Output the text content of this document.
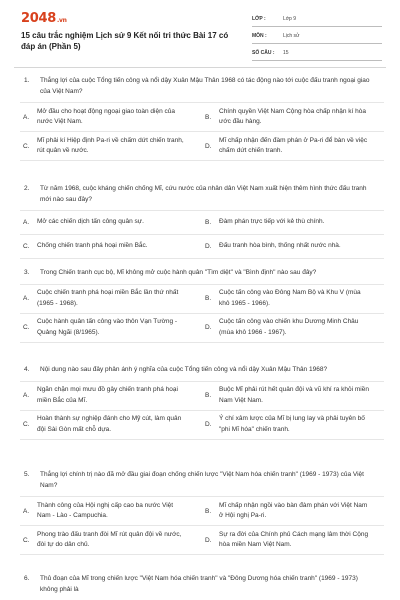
2048.vn
15 câu trắc nghiệm Lịch sử 9 Kết nối tri thức Bài 17 có đáp án (Phần 5)
LỚP :	Lớp 9
MÔN :	Lịch sử
SỐ CÂU :	15
1.	Thắng lợi của cuộc Tổng tiến công và nổi dậy Xuân Mậu Thân 1968 có tác động nào tới cuộc đấu tranh ngoại giao của Việt Nam?
A.
Mở đầu cho hoạt động ngoại giao toàn diện của nước Việt Nam.
B.
Chính quyền Việt Nam Cộng hòa chấp nhận kí hòa ước đầu hàng.
C.
Mĩ phải kí Hiệp định Pa-ri về chấm dứt chiến tranh, rút quân về nước.
D.
Mĩ chấp nhận đến đàm phán ở Pa-ri để bàn về việc chấm dứt chiến tranh.
2.	Từ năm 1968, cuộc kháng chiến chống Mĩ, cứu nước của nhân dân Việt Nam xuất hiện thêm hình thức đấu tranh mới nào sau đây?
A.	Mở các chiến dịch tấn công quân sự.	B.	Đàm phán trực tiếp với kẻ thù chính.
C.	Chống chiến tranh phá hoại miền Bắc.	D.	Đấu tranh hòa bình, thống nhất nước nhà.
3.	Trong Chiến tranh cục bộ, Mĩ không mở cuộc hành quân "Tìm diệt" và "Bình định" nào sau đây?
A.
Cuộc chiến tranh phá hoại miền Bắc lần thứ nhất (1965 - 1968).
B.
Cuộc tấn công vào Đông Nam Bộ và Khu V (mùa khô 1965 - 1966).
C.
Cuộc hành quân tấn công vào thôn Vạn Tường - Quảng Ngãi (8/1965).
D.
Cuộc tấn công vào chiến khu Dương Minh Châu (mùa khô 1966 - 1967).
4.	Nội dung nào sau đây phản ánh ý nghĩa của cuộc Tổng tiến công và nổi dậy Xuân Mậu Thân 1968?
A.
Ngăn chặn mọi mưu đồ gây chiến tranh phá hoại miền Bắc của Mĩ.
B.
Buộc Mĩ phải rút hết quân đội và vũ khí ra khỏi miền Nam Việt Nam.
C.
Hoàn thành sự nghiệp đánh cho Mỹ cút, làm quân đội Sài Gòn mất chỗ dựa.
D.
Ý chí xâm lược của Mĩ bị lung lay và phải tuyên bố "phi Mĩ hóa" chiến tranh.
5.	Thắng lợi chính trị nào đã mở đầu giai đoạn chống chiến lược "Việt Nam hóa chiến tranh" (1969 - 1973) của Việt Nam?
A.
Thành công của Hội nghị cấp cao ba nước Việt Nam - Lào - Campuchia.
B.
Mĩ chấp nhận ngồi vào bàn đàm phán với Việt Nam ở Hội nghị Pa-ri.
C.
Phong trào đấu tranh đòi Mĩ rút quân đội về nước, đòi tự do dân chủ.
D.
Sự ra đời của Chính phủ Cách mạng lâm thời Cộng hòa miền Nam Việt Nam.
6.	Thủ đoạn của Mĩ trong chiến lược "Việt Nam hóa chiến tranh" và "Đông Dương hóa chiến tranh" (1969 - 1973) không phải là
